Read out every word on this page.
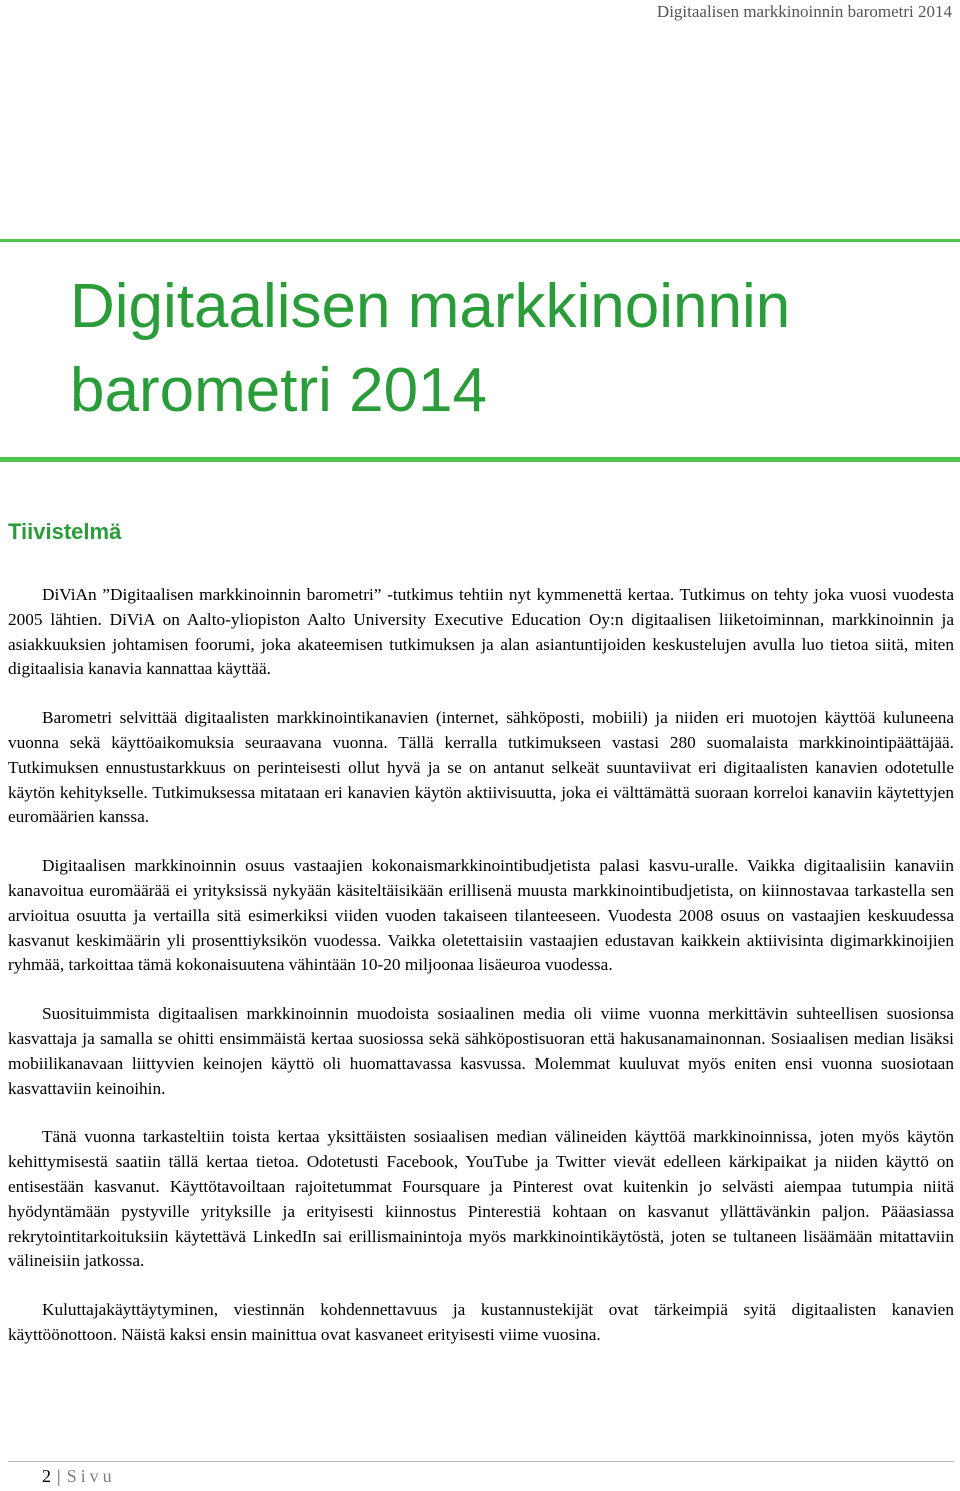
Digitaalisen markkinoinnin barometri 2014
Digitaalisen markkinoinnin
barometri 2014
Tiivistelmä

DiViAn ”Digitaalisen markkinoinnin barometri” -tutkimus tehtiin nyt kymmenettä kertaa. Tutkimus on tehty joka vuosi vuodesta 2005 lähtien. DiViA on Aalto-yliopiston Aalto University Executive Education Oy:n digitaalisen liiketoiminnan, markkinoinnin ja asiakkuuksien johtamisen foorumi, joka akateemisen tutkimuksen ja alan asiantuntijoiden keskustelujen avulla luo tietoa siitä, miten digitaalisia kanavia kannattaa käyttää.

Barometri selvittää digitaalisten markkinointikanavien (internet, sähköposti, mobiili) ja niiden eri muotojen käyttöä kuluneena vuonna sekä käyttöaikomuksia seuraavana vuonna. Tällä kerralla tutkimukseen vastasi 280 suomalaista markkinointipäättäjää. Tutkimuksen ennustustarkkuus on perinteisesti ollut hyvä ja se on antanut selkeät suuntaviivat eri digitaalisten kanavien odotetulle käytön kehitykselle. Tutkimuksessa mitataan eri kanavien käytön aktiivisuutta, joka ei välttämättä suoraan korreloi kanaviin käytettyjen euromäärien kanssa.

Digitaalisen markkinoinnin osuus vastaajien kokonaismarkkinointibudjetista palasi kasvu-uralle. Vaikka digitaalisiin kanaviin kanavoitua euromäärää ei yrityksissä nykyään käsiteltäisikään erillisenä muusta markkinointibudjetista, on kiinnostavaa tarkastella sen arvioitua osuutta ja vertailla sitä esimerkiksi viiden vuoden takaiseen tilanteeseen. Vuodesta 2008 osuus on vastaajien keskuudessa kasvanut keskimäärin yli prosenttiyksikön vuodessa. Vaikka oletettaisiin vastaajien edustavan kaikkein aktiivisinta digimarkkinoijien ryhmää, tarkoittaa tämä kokonaisuutena vähintään 10-20 miljoonaa lisäeuroa vuodessa.

Suosituimmista digitaalisen markkinoinnin muodoista sosiaalinen media oli viime vuonna merkittävin suhteellisen suosionsa kasvattaja ja samalla se ohitti ensimmäistä kertaa suosiossa sekä sähköpostisuoran että hakusanamainonnan. Sosiaalisen median lisäksi mobiilikanavaan liittyvien keinojen käyttö oli huomattavassa kasvussa. Molemmat kuuluvat myös eniten ensi vuonna suosiotaan kasvattaviin keinoihin.

Tänä vuonna tarkasteltiin toista kertaa yksittäisten sosiaalisen median välineiden käyttöä markkinoinnissa, joten myös käytön kehittymisestä saatiin tällä kertaa tietoa. Odotetusti Facebook, YouTube ja Twitter vievät edelleen kärkipaikat ja niiden käyttö on entisestään kasvanut. Käyttötavoiltaan rajoitetummat Foursquare ja Pinterest ovat kuitenkin jo selvästi aiempaa tutumpia niitä hyödyntämään pystyville yrityksille ja erityisesti kiinnostus Pinterestiä kohtaan on kasvanut yllättävänkin paljon. Pääasiassa rekrytointitarkoituksiin käytettävä LinkedIn sai erillismainintoja myös markkinointikäytöstä, joten se tultaneen lisäämään mitattaviin välineisiin jatkossa.

Kuluttajakäyttäytyminen, viestinnän kohdennettavuus ja kustannustekijät ovat tärkeimpiä syitä digitaalisten kanavien käyttöönottoon. Näistä kaksi ensin mainittua ovat kasvaneet erityisesti viime vuosina.

2 | Sivu
